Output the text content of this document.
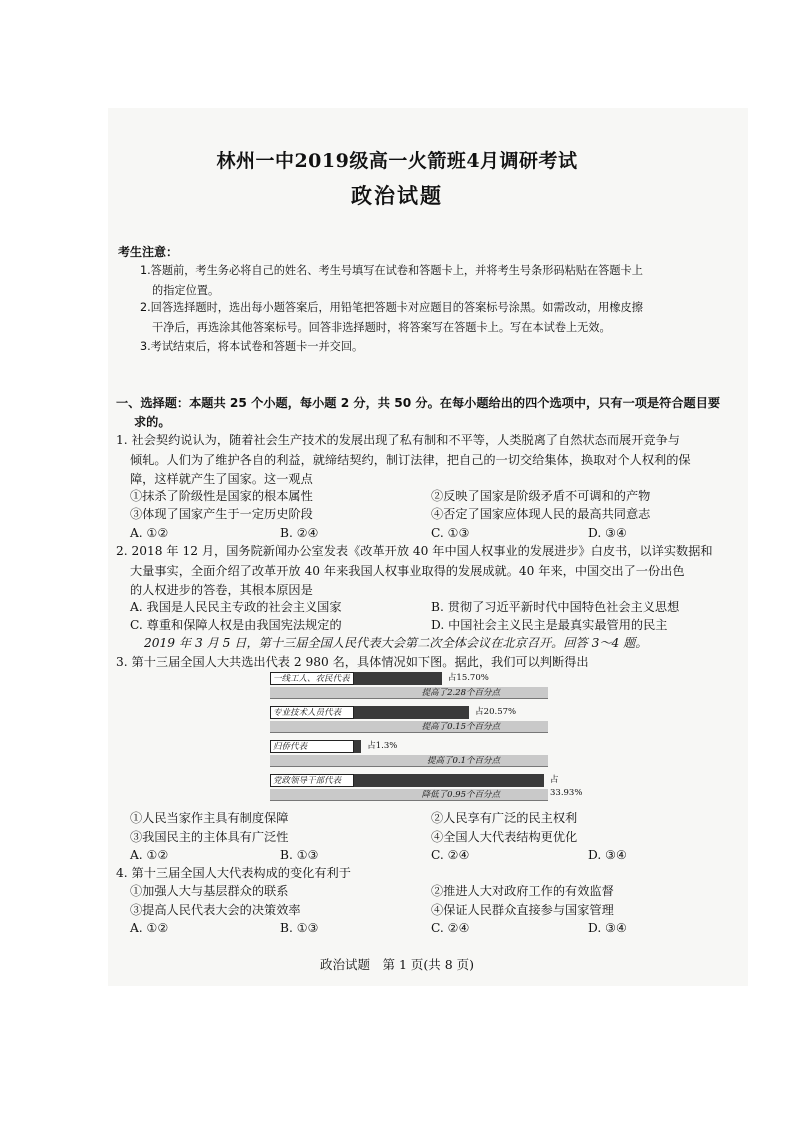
林州一中2019级高一火箭班4月调研考试
政治试题
考生注意：
1.答题前，考生务必将自己的姓名、考生号填写在试卷和答题卡上，并将考生号条形码粘贴在答题卡上
的指定位置。
2.回答选择题时，选出每小题答案后，用铅笔把答题卡对应题目的答案标号涂黑。如需改动，用橡皮擦
干净后，再选涂其他答案标号。回答非选择题时，将答案写在答题卡上。写在本试卷上无效。
3.考试结束后，将本试卷和答题卡一并交回。
一、选择题：本题共 25 个小题，每小题 2 分，共 50 分。在每小题给出的四个选项中，只有一项是符合题目要
求的。
1. 社会契约说认为，随着社会生产技术的发展出现了私有制和不平等，人类脱离了自然状态而展开竞争与
倾轧。人们为了维护各自的利益，就缔结契约，制订法律，把自己的一切交给集体，换取对个人权利的保
障，这样就产生了国家。这一观点
①抹杀了阶级性是国家的根本属性	②反映了国家是阶级矛盾不可调和的产物
③体现了国家产生于一定历史阶段	④否定了国家应体现人民的最高共同意志
A. ①②	B. ②④	C. ①③	D. ③④
2. 2018 年 12 月，国务院新闻办公室发表《改革开放 40 年中国人权事业的发展进步》白皮书，以详实数据和
大量事实，全面介绍了改革开放 40 年来我国人权事业取得的发展成就。40 年来，中国交出了一份出色
的人权进步的答卷，其根本原因是
A. 我国是人民民主专政的社会主义国家	B. 贯彻了习近平新时代中国特色社会主义思想
C. 尊重和保障人权是由我国宪法规定的	D. 中国社会主义民主是最真实最管用的民主
2019 年 3 月 5 日，第十三届全国人民代表大会第二次全体会议在北京召开。回答 3～4 题。
3. 第十三届全国人大共选出代表 2 980 名，具体情况如下图。据此，我们可以判断得出
一线工人、农民代表	占15.70%
提高了2.28个百分点
专业技术人员代表	占20.57%
提高了0.15个百分点
归侨代表	占1.3%
提高了0.1个百分点
党政领导干部代表	占33.93%
降低了0.95个百分点
①人民当家作主具有制度保障	②人民享有广泛的民主权利
③我国民主的主体具有广泛性	④全国人大代表结构更优化
A. ①②	B. ①③	C. ②④	D. ③④
4. 第十三届全国人大代表构成的变化有利于
①加强人大与基层群众的联系	②推进人大对政府工作的有效监督
③提高人民代表大会的决策效率	④保证人民群众直接参与国家管理
A. ①②	B. ①③	C. ②④	D. ③④
政治试题　第 1 页(共 8 页)
